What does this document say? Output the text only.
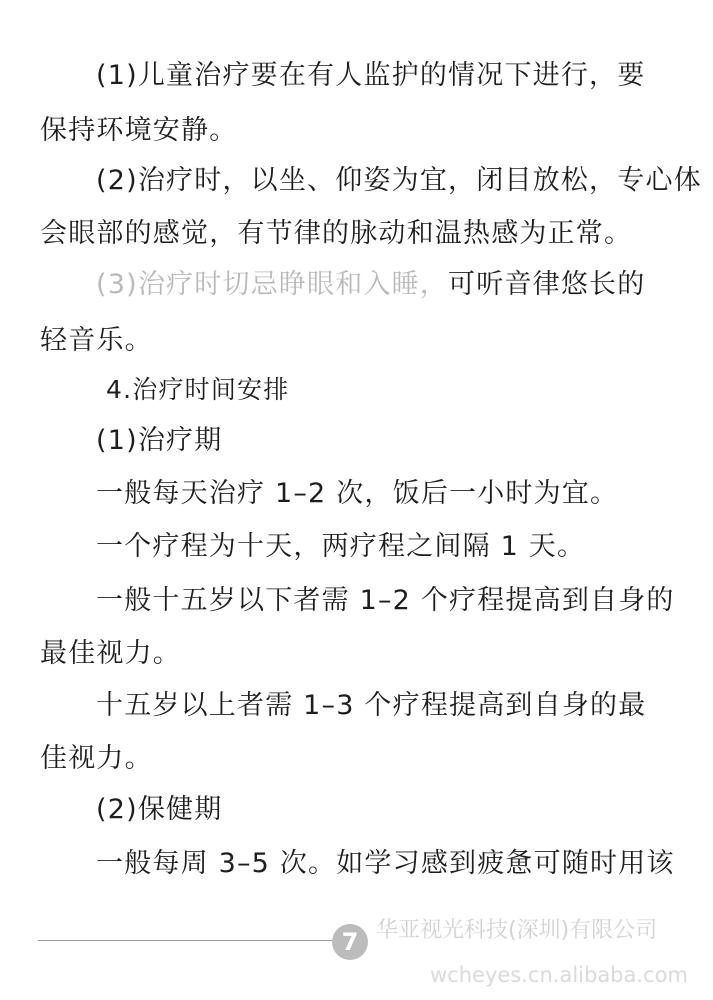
(1)儿童治疗要在有人监护的情况下进行，要
保持环境安静。
(2)治疗时，以坐、仰姿为宜，闭目放松，专心体
会眼部的感觉，有节律的脉动和温热感为正常。
(3)治疗时切忌睁眼和入睡，可听音律悠长的
轻音乐。
4.治疗时间安排
(1)治疗期
一般每天治疗 1–2 次，饭后一小时为宜。
一个疗程为十天，两疗程之间隔 1 天。
一般十五岁以下者需 1–2 个疗程提高到自身的
最佳视力。
十五岁以上者需 1–3 个疗程提高到自身的最
佳视力。
(2)保健期
一般每周 3–5 次。如学习感到疲惫可随时用该
7 华亚视光科技(深圳)有限公司
wcheyes.cn.alibaba.com
